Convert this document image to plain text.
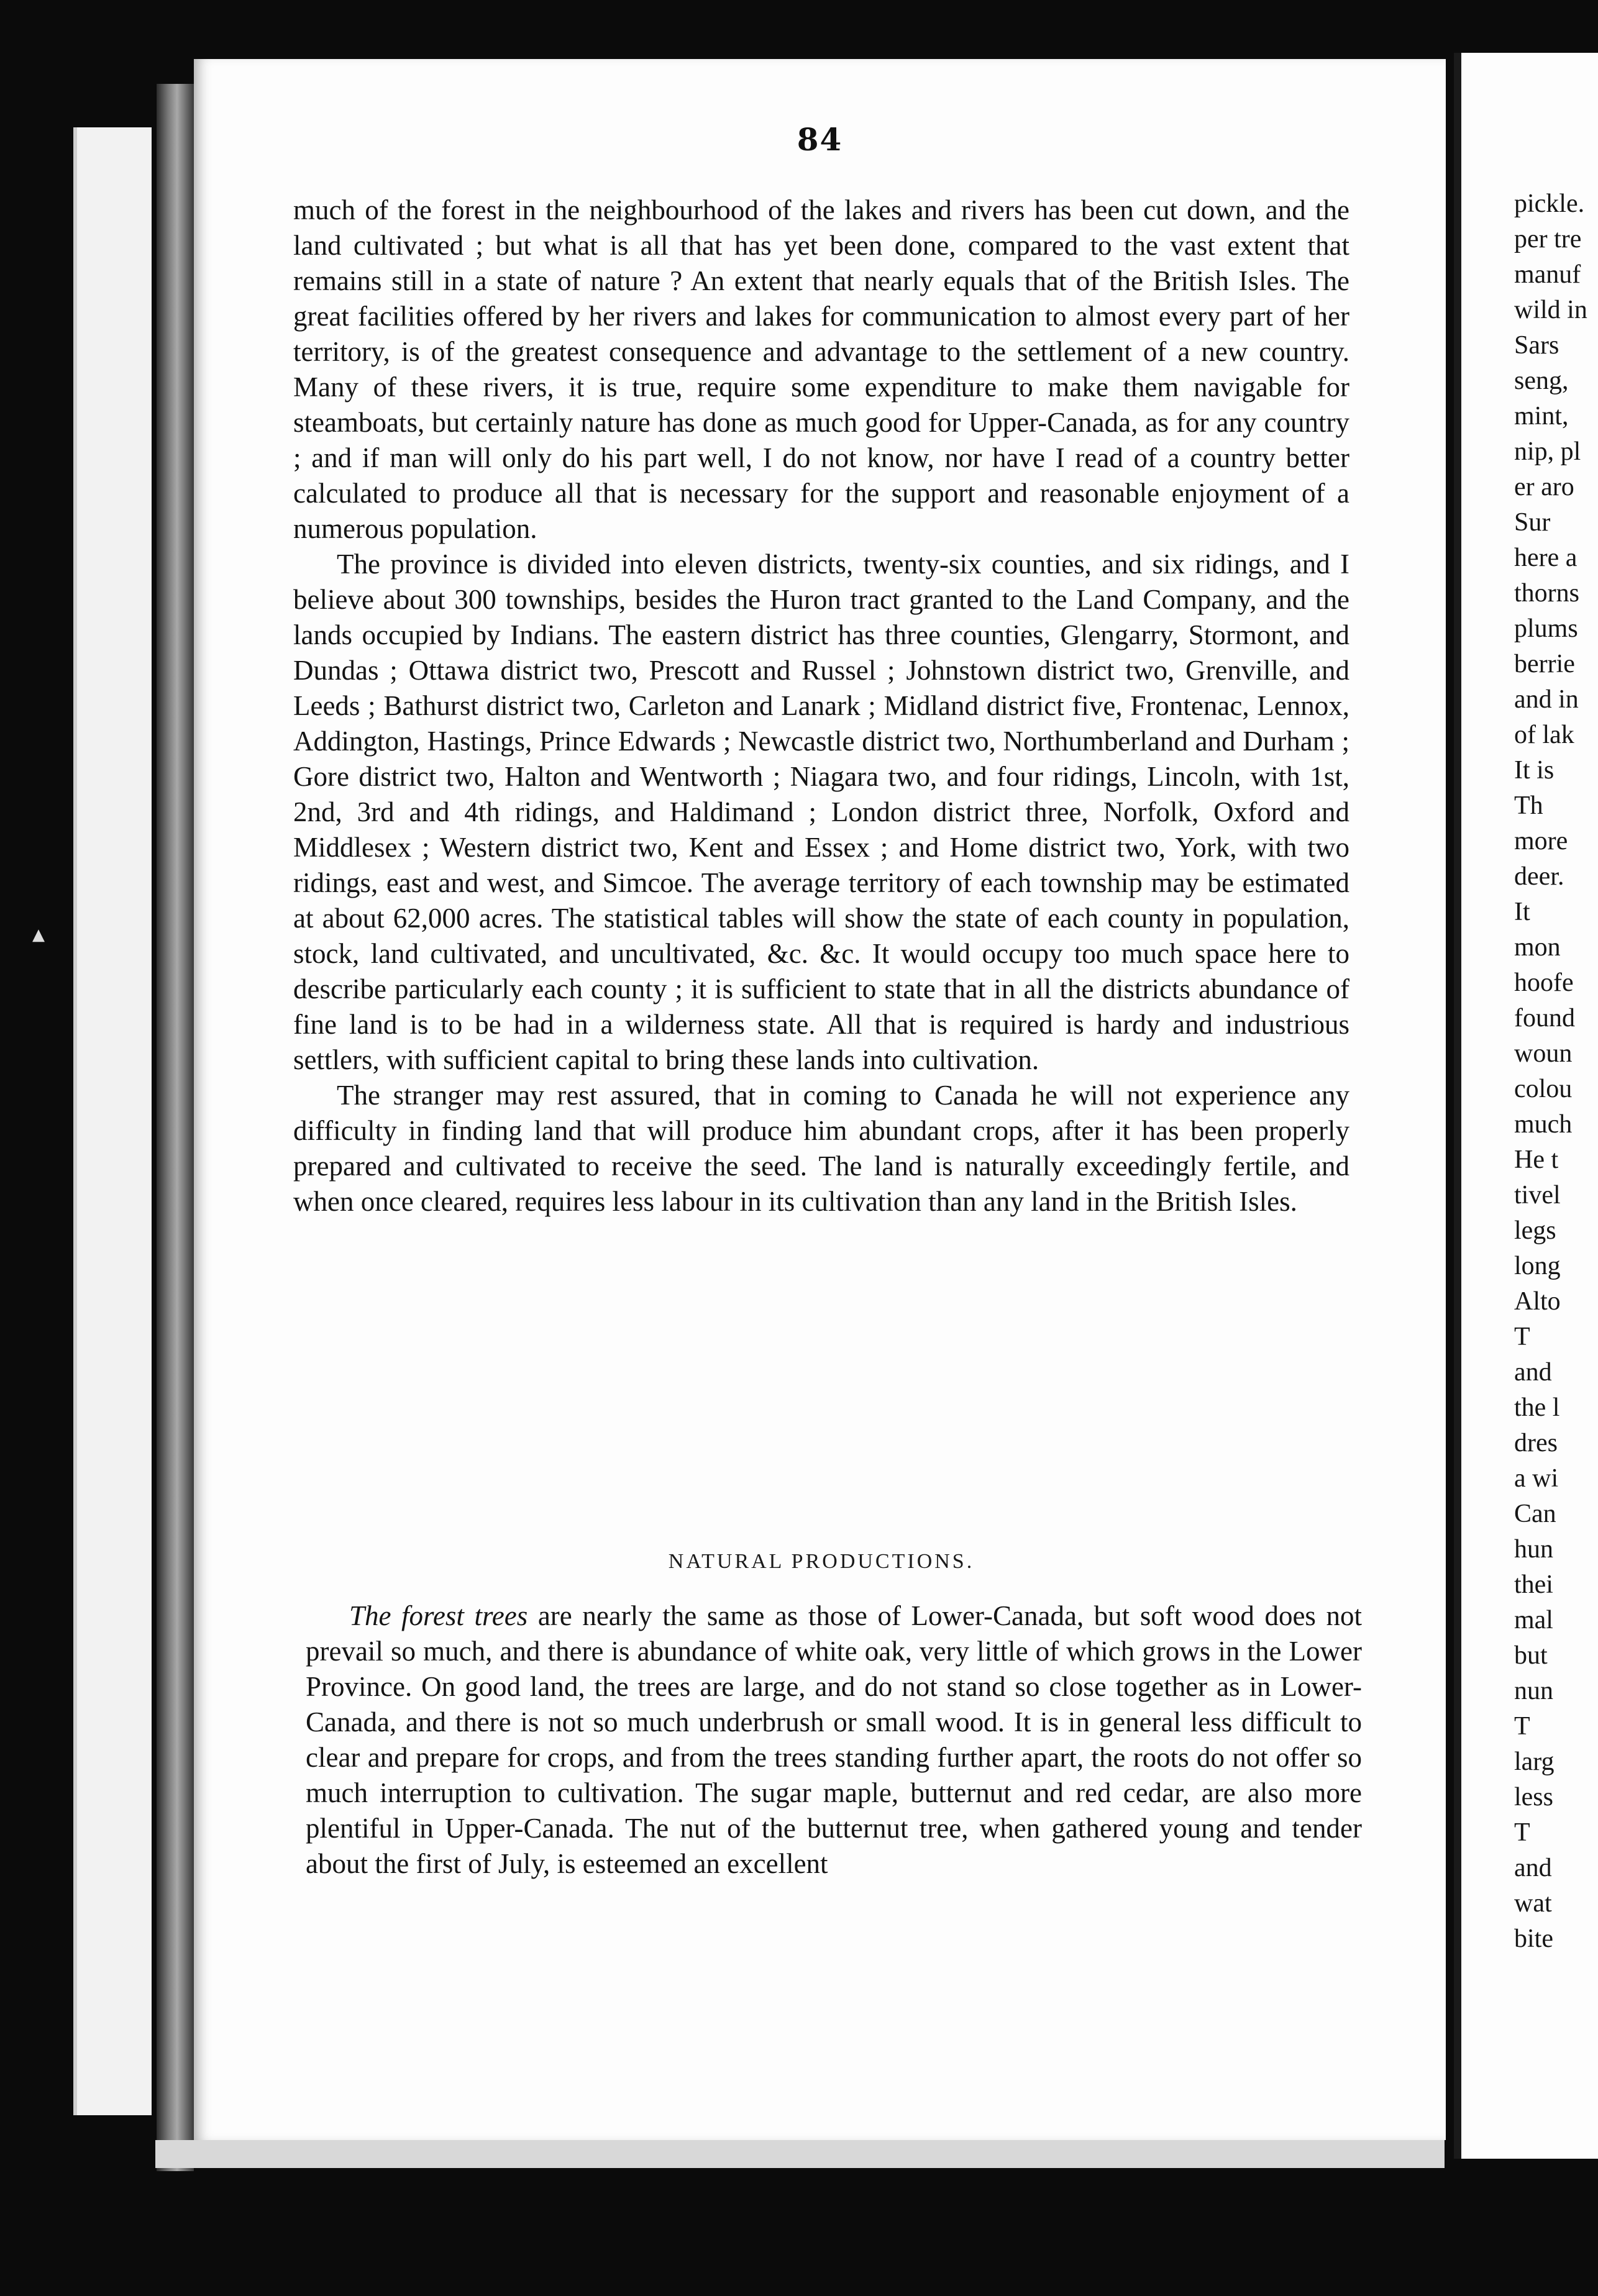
▲
84

much of the forest in the neighbourhood of the lakes and rivers has been cut down, and the land cultivated ; but what is all that has yet been done, compared to the vast extent that remains still in a state of nature ? An extent that nearly equals that of the British Isles. The great facilities offered by her rivers and lakes for communication to almost every part of her territory, is of the greatest consequence and advantage to the settlement of a new country. Many of these rivers, it is true, require some expenditure to make them navigable for steamboats, but certainly nature has done as much good for Upper-Canada, as for any country ; and if man will only do his part well, I do not know, nor have I read of a country better calculated to produce all that is necessary for the support and reasonable enjoyment of a numerous population.

The province is divided into eleven districts, twenty-six counties, and six ridings, and I believe about 300 townships, besides the Huron tract granted to the Land Company, and the lands occupied by Indians. The eastern district has three counties, Glengarry, Stormont, and Dundas ; Ottawa district two, Prescott and Russel ; Johnstown district two, Grenville, and Leeds ; Bathurst district two, Carleton and Lanark ; Midland district five, Frontenac, Lennox, Addington, Hastings, Prince Edwards ; Newcastle district two, Northumberland and Durham ; Gore district two, Halton and Wentworth ; Niagara two, and four ridings, Lincoln, with 1st, 2nd, 3rd and 4th ridings, and Haldimand ; London district three, Norfolk, Oxford and Middlesex ; Western district two, Kent and Essex ; and Home district two, York, with two ridings, east and west, and Simcoe. The average territory of each township may be estimated at about 62,000 acres. The statistical tables will show the state of each county in population, stock, land cultivated, and uncultivated, &c. &c. It would occupy too much space here to describe particularly each county ; it is sufficient to state that in all the districts abundance of fine land is to be had in a wilderness state. All that is required is hardy and industrious settlers, with sufficient capital to bring these lands into cultivation.

The stranger may rest assured, that in coming to Canada he will not experience any difficulty in finding land that will produce him abundant crops, after it has been properly prepared and cultivated to receive the seed. The land is naturally exceedingly fertile, and when once cleared, requires less labour in its cultivation than any land in the British Isles.

NATURAL PRODUCTIONS.

The forest trees are nearly the same as those of Lower-Canada, but soft wood does not prevail so much, and there is abundance of white oak, very little of which grows in the Lower Province. On good land, the trees are large, and do not stand so close together as in Lower-Canada, and there is not so much underbrush or small wood. It is in general less difficult to clear and prepare for crops, and from the trees standing further apart, the roots do not offer so much interruption to cultivation. The sugar maple, butternut and red cedar, are also more plentiful in Upper-Canada. The nut of the butternut tree, when gathered young and tender about the first of July, is esteemed an excellent

pickle.
per tre
manuf
wild in
Sars
seng,
mint,
nip, pl
er aro
Sur
here a
thorns
plums
berrie
and in
of lak
It is
Th
more
deer.
It
mon
hoofe
found
woun
colou
much
He t
tivel
legs
long
Alto
T
and
the l
dres
a wi
Can
hun
thei
mal
but
nun
T
larg
less
T
and
wat
bite
